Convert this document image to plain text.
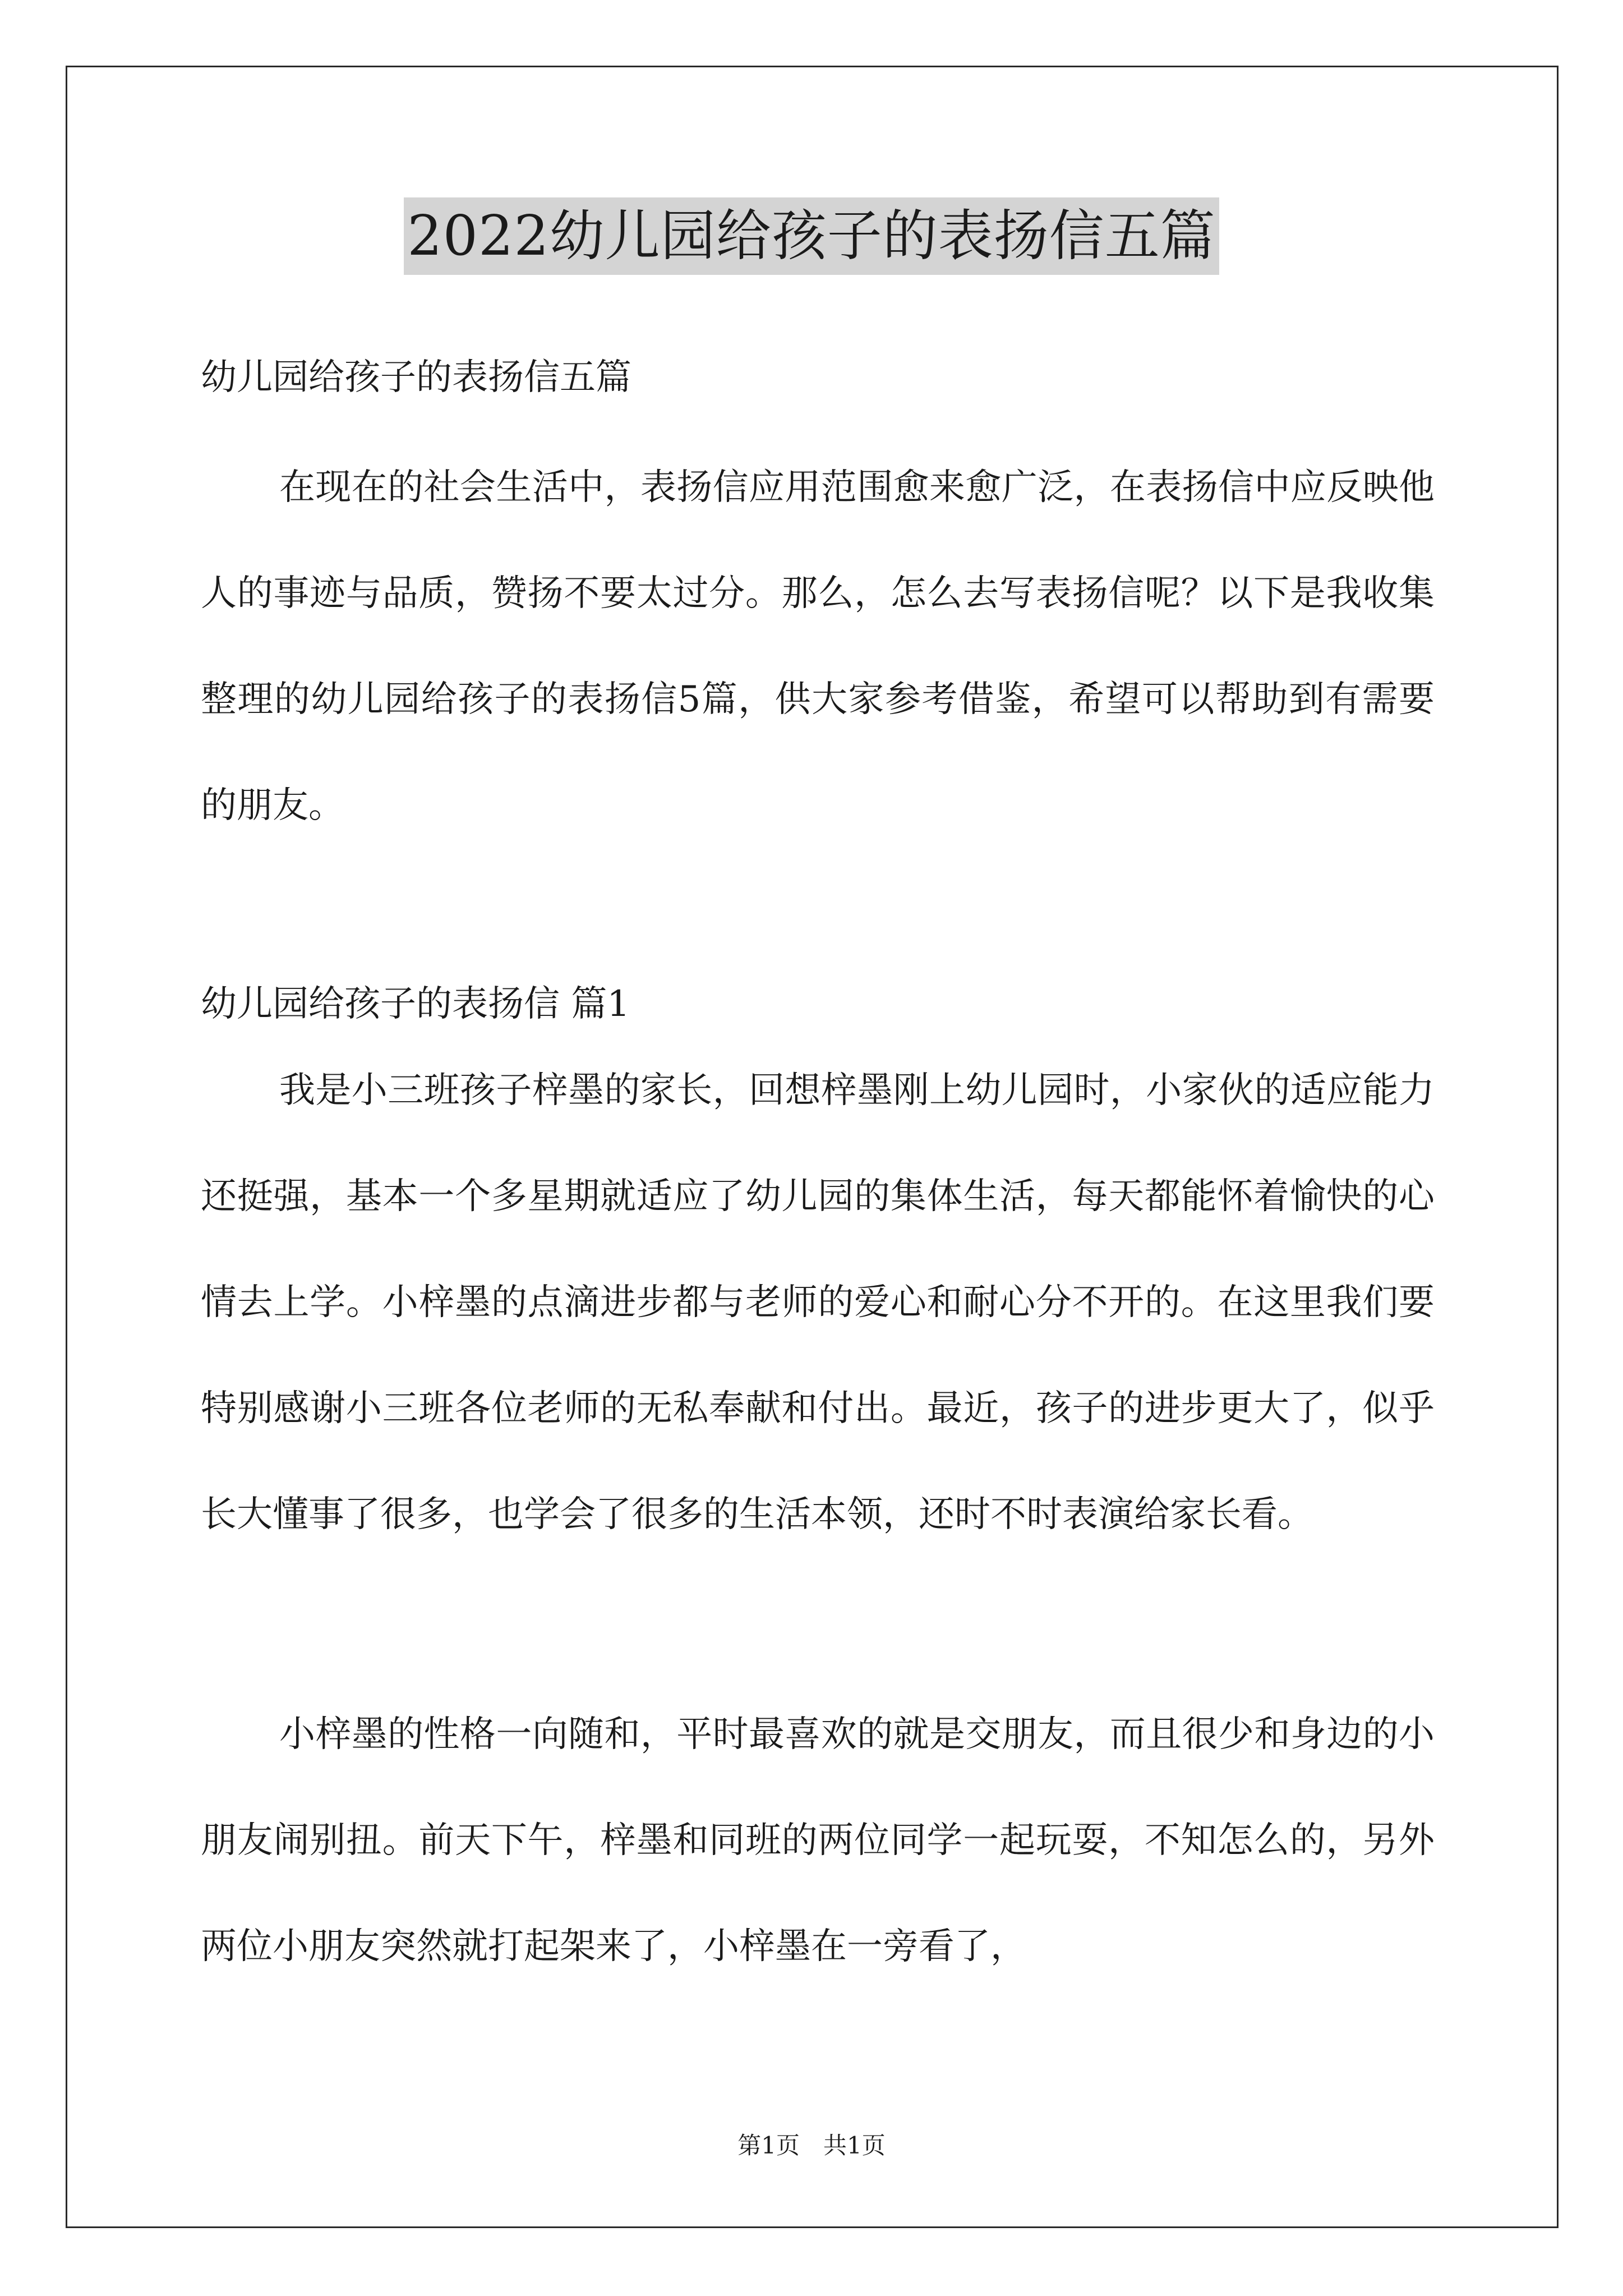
2022幼儿园给孩子的表扬信五篇
幼儿园给孩子的表扬信五篇

在现在的社会生活中，表扬信应用范围愈来愈广泛，在表扬信中应反映他人的事迹与品质，赞扬不要太过分。那么，怎么去写表扬信呢？以下是我收集整理的幼儿园给孩子的表扬信5篇，供大家参考借鉴，希望可以帮助到有需要的朋友。

幼儿园给孩子的表扬信 篇1

我是小三班孩子梓墨的家长，回想梓墨刚上幼儿园时，小家伙的适应能力还挺强，基本一个多星期就适应了幼儿园的集体生活，每天都能怀着愉快的心情去上学。小梓墨的点滴进步都与老师的爱心和耐心分不开的。在这里我们要特别感谢小三班各位老师的无私奉献和付出。最近，孩子的进步更大了，似乎长大懂事了很多，也学会了很多的生活本领，还时不时表演给家长看。

小梓墨的性格一向随和，平时最喜欢的就是交朋友，而且很少和身边的小朋友闹别扭。前天下午，梓墨和同班的两位同学一起玩耍，不知怎么的，另外两位小朋友突然就打起架来了，小梓墨在一旁看了，

第1页　共1页
